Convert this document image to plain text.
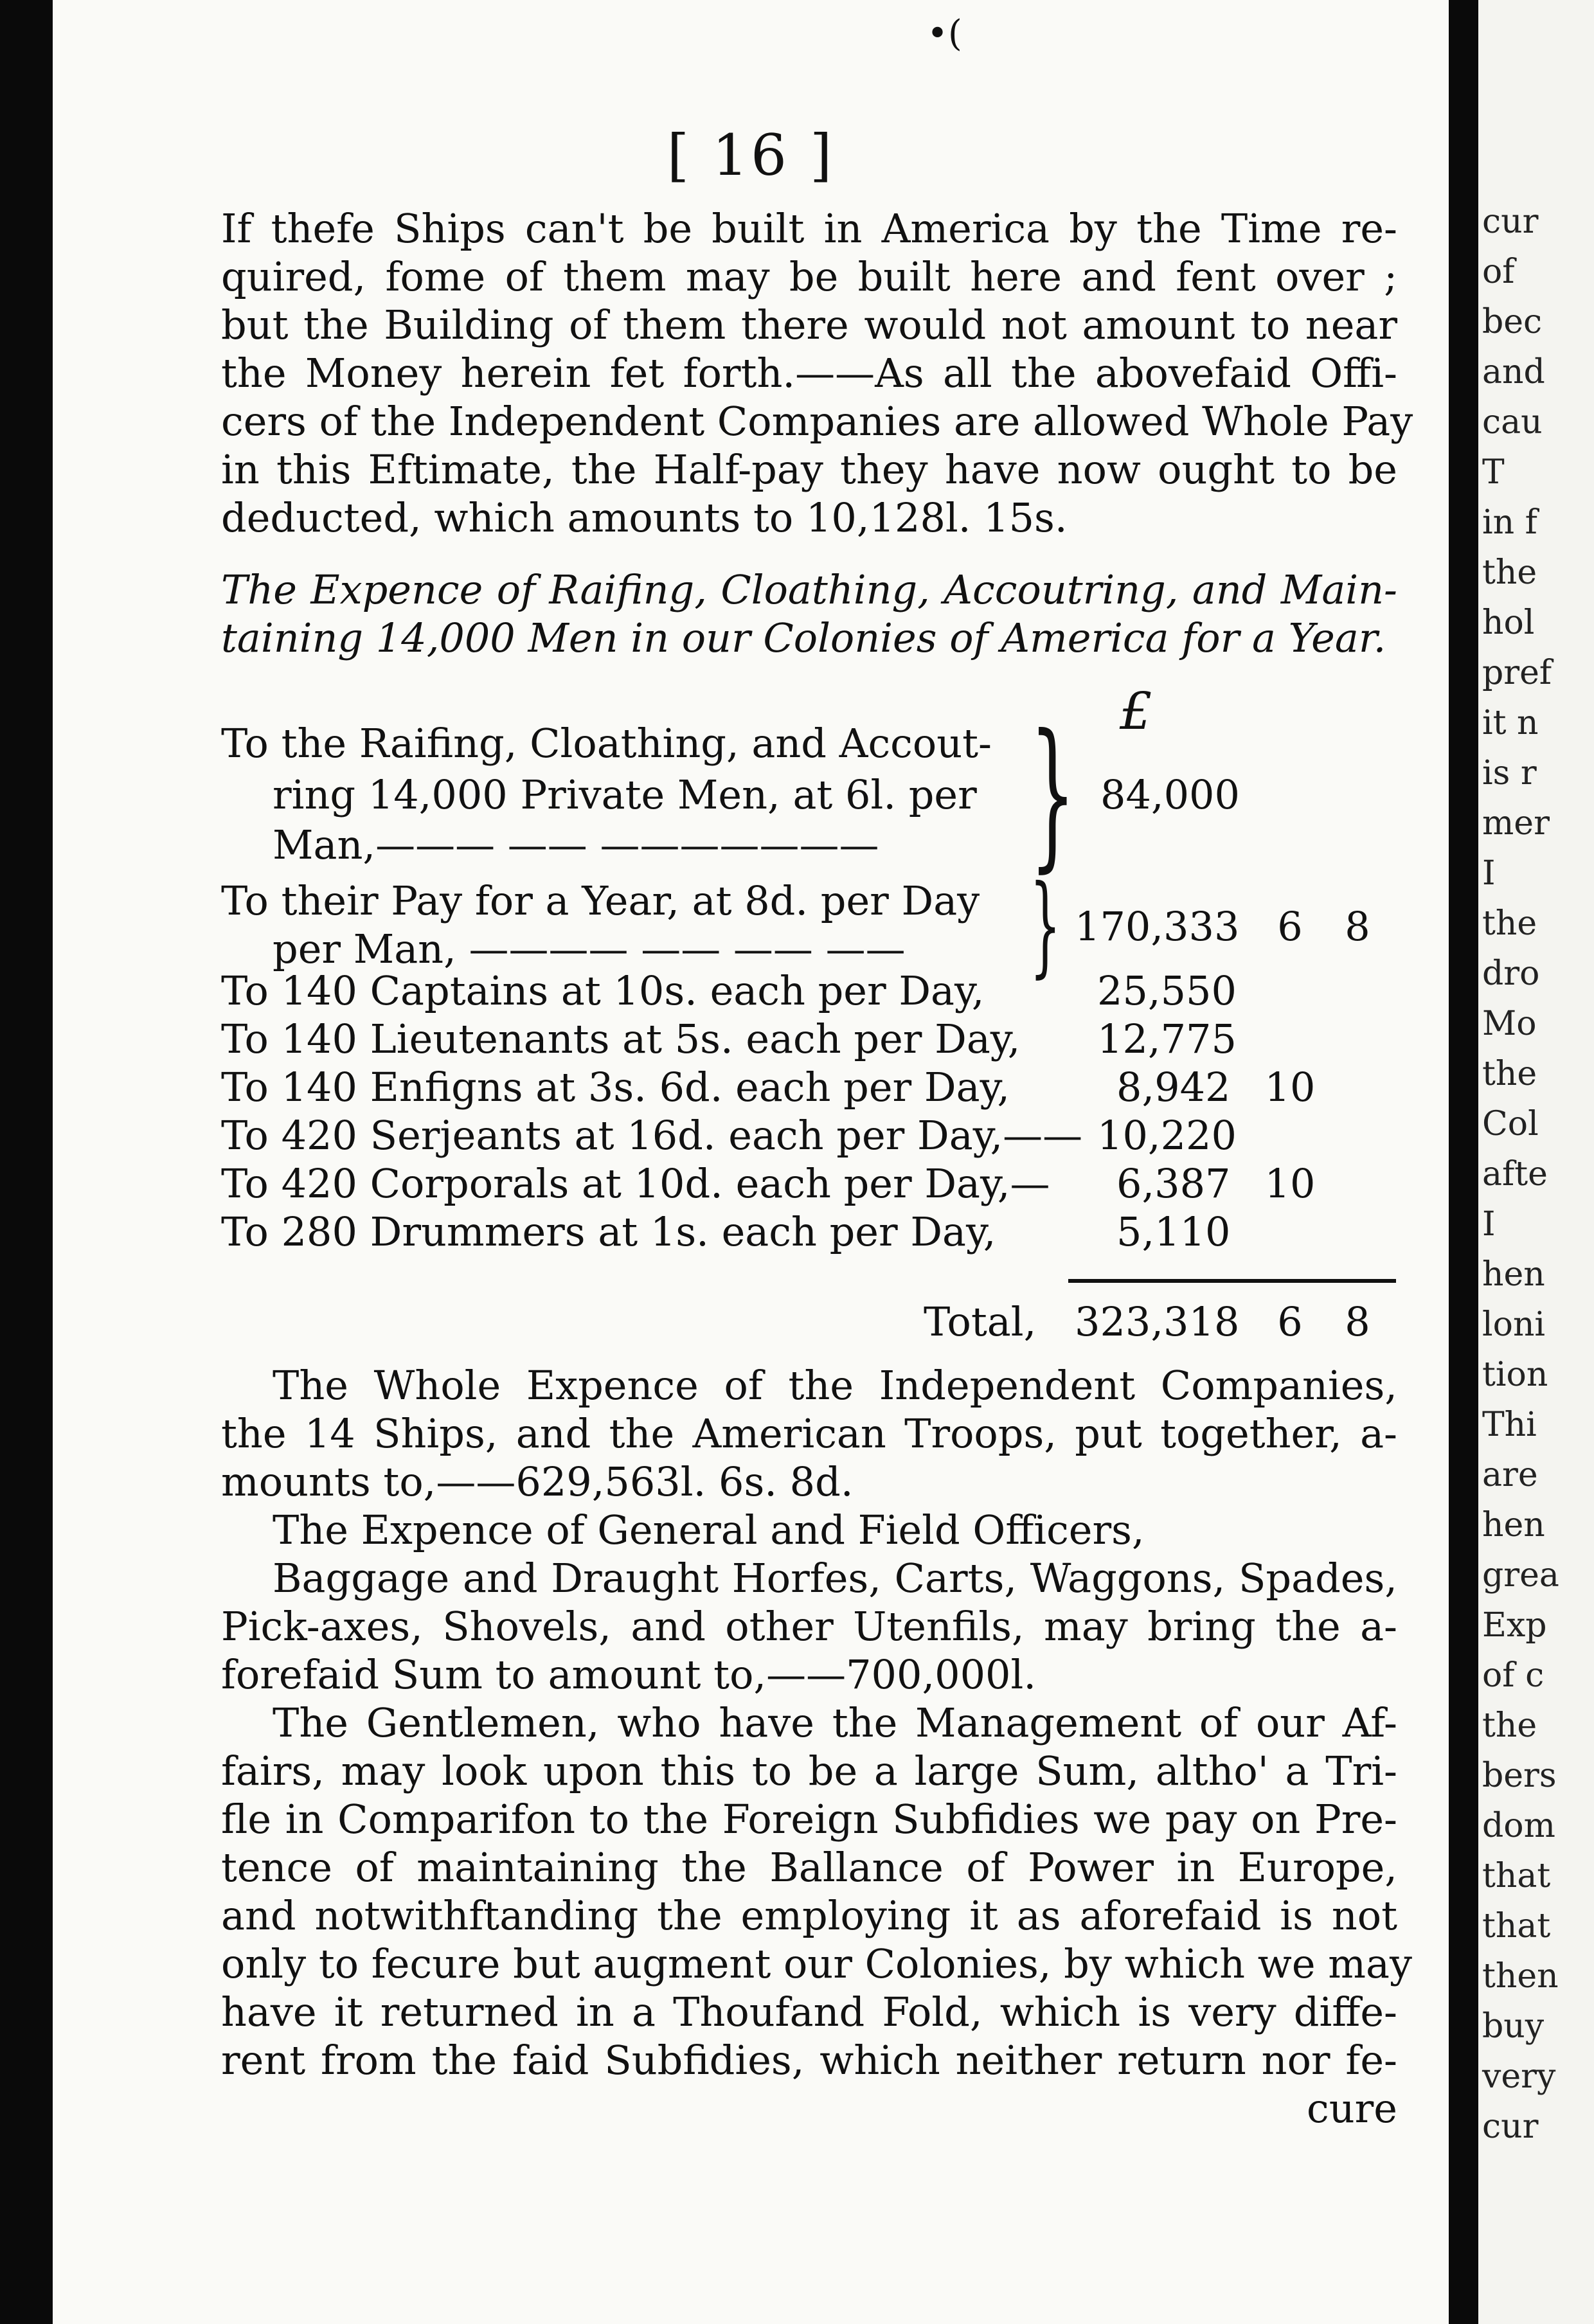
•(
[ 16 ]
If thefe Ships can't be built in America by the Time re-
quired, fome of them may be built here and fent over ;
but the Building of them there would not amount to near
the Money herein fet forth.——As all the abovefaid Offi-
cers of the Independent Companies are allowed Whole Pay
in this Eftimate, the Half-pay they have now ought to be
deducted, which amounts to 10,128l. 15s.
The Expence of Raifing, Cloathing, Accoutring, and Main-
taining 14,000 Men in our Colonies of America for a Year.
£
To the Raifing, Cloathing, and Accout-
ring 14,000 Private Men, at 6l. per
Man,——— —— ——————— } 84,000
To their Pay for a Year, at 8d. per Day
per Man, ———— —— —— —— } 170,333 6	8
To 140 Captains at 10s. each per Day,	25,550
To 140 Lieutenants at 5s. each per Day, 12,775
To 140 Enfigns at 3s. 6d. each per Day,	8,942 10
To 420 Serjeants at 16d. each per Day,—— 10,220
To 420 Corporals at 10d. each per Day,— 6,387 10
To 280 Drummers at 1s. each per Day,	5,110
Total, 323,318 6	8
The Whole Expence of the Independent Companies,
the 14 Ships, and the American Troops, put together, a-
mounts to,——629,563l. 6s. 8d.
The Expence of General and Field Officers,
Baggage and Draught Horfes, Carts, Waggons, Spades,
Pick-axes, Shovels, and other Utenfils, may bring the a-
forefaid Sum to amount to,——700,000l.
The Gentlemen, who have the Management of our Af-
fairs, may look upon this to be a large Sum, altho' a Tri-
fle in Comparifon to the Foreign Subfidies we pay on Pre-
tence of maintaining the Ballance of Power in Europe,
and notwithftanding the employing it as aforefaid is not
only to fecure but augment our Colonies, by which we may
have it returned in a Thoufand Fold, which is very diffe-
rent from the faid Subfidies, which neither return nor fe-
cure
cur
of
bec
and
cau
T
in f
the
hol
pref
it n
is r
mer
I
the
dro
Mo
the
Col
afte
I
hen
loni
tion
Thi
are
hen
grea
Exp
of c
the
bers
dom
that
that
then
buy
very
cur
